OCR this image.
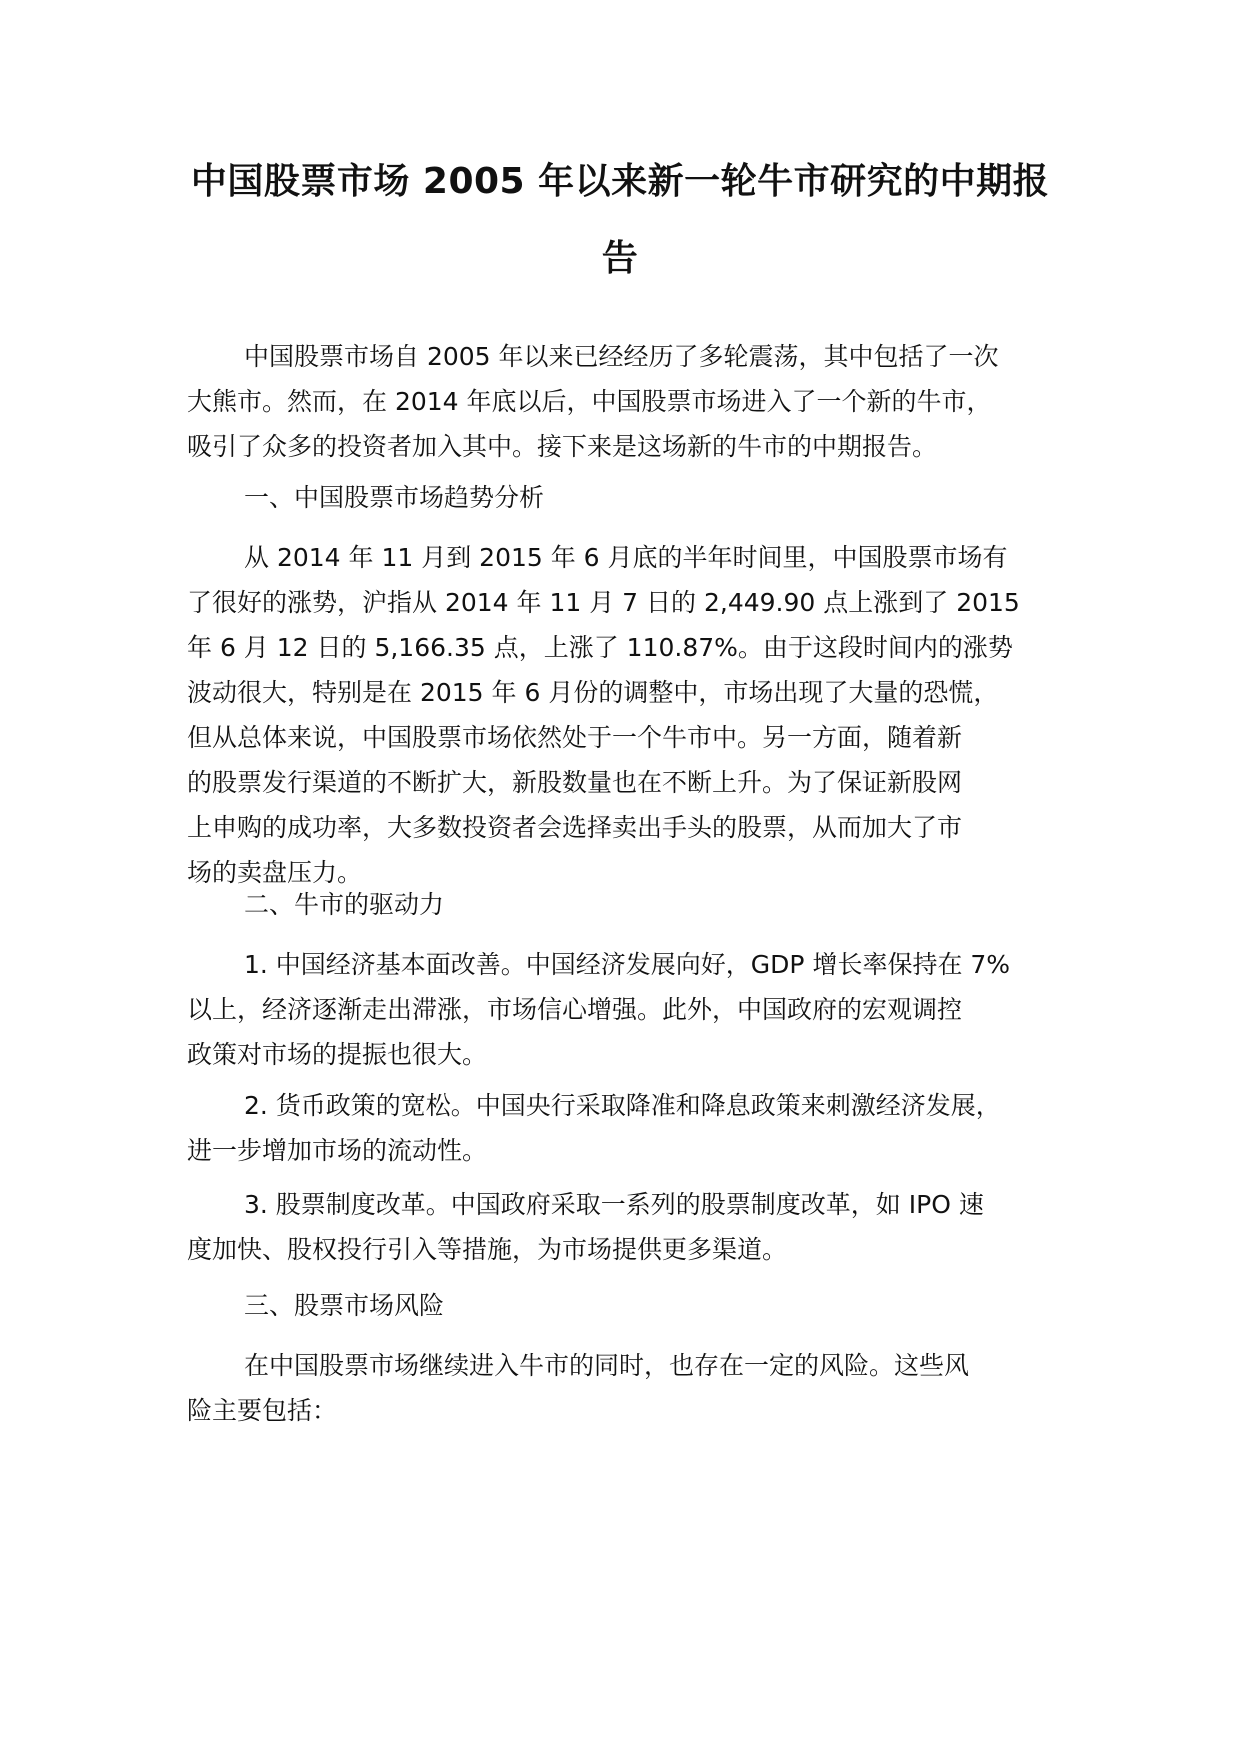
中国股票市场 2005 年以来新一轮牛市研究的中期报
告

中国股票市场自 2005 年以来已经经历了多轮震荡，其中包括了一次
大熊市。然而，在 2014 年底以后，中国股票市场进入了一个新的牛市，
吸引了众多的投资者加入其中。接下来是这场新的牛市的中期报告。

一、中国股票市场趋势分析

从 2014 年 11 月到 2015 年 6 月底的半年时间里，中国股票市场有
了很好的涨势，沪指从 2014 年 11 月 7 日的 2,449.90 点上涨到了 2015
年 6 月 12 日的 5,166.35 点，上涨了 110.87%。由于这段时间内的涨势
波动很大，特别是在 2015 年 6 月份的调整中，市场出现了大量的恐慌，
但从总体来说，中国股票市场依然处于一个牛市中。另一方面，随着新
的股票发行渠道的不断扩大，新股数量也在不断上升。为了保证新股网
上申购的成功率，大多数投资者会选择卖出手头的股票，从而加大了市
场的卖盘压力。

二、牛市的驱动力

1. 中国经济基本面改善。中国经济发展向好，GDP 增长率保持在 7%
以上，经济逐渐走出滞涨，市场信心增强。此外，中国政府的宏观调控
政策对市场的提振也很大。

2. 货币政策的宽松。中国央行采取降准和降息政策来刺激经济发展，
进一步增加市场的流动性。

3. 股票制度改革。中国政府采取一系列的股票制度改革，如 IPO 速
度加快、股权投行引入等措施，为市场提供更多渠道。

三、股票市场风险

在中国股票市场继续进入牛市的同时，也存在一定的风险。这些风
险主要包括：
